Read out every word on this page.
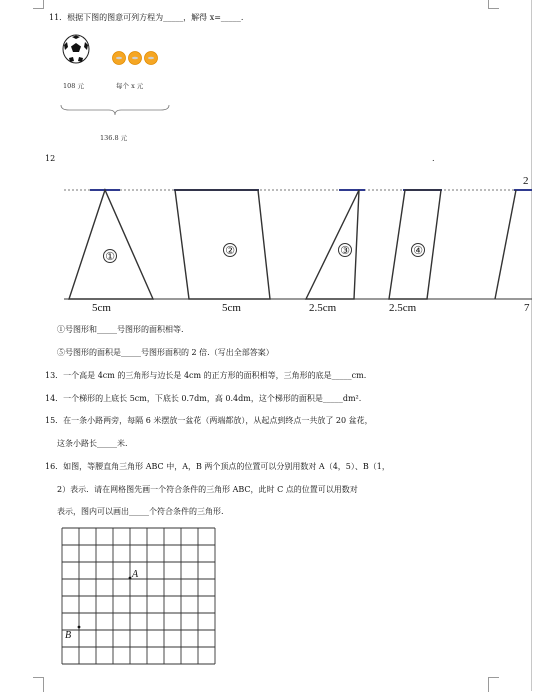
11．根据下图的图意可列方程为_____，解得 x=_____.
108 元	每个 x 元
136.8 元
12	.
①	②	③	④
2
5cm	5cm	2.5cm	2.5cm	7
①号图形和_____号图形的面积相等.
⑤号图形的面积是_____号图形面积的 2 倍.（写出全部答案）
13．一个高是 4cm 的三角形与边长是 4cm 的正方形的面积相等，三角形的底是_____cm.
14．一个梯形的上底长 5cm，下底长 0.7dm，高 0.4dm，这个梯形的面积是_____dm².
15．在一条小路两旁，每隔 6 米摆放一盆花（两端都放），从起点到终点一共放了 20 盆花，
这条小路长_____米.
16．如图，等腰直角三角形 ABC 中，A，B 两个顶点的位置可以分别用数对 A（4，5）、B（1，
2）表示．请在网格图先画一个符合条件的三角形 ABC，此时 C 点的位置可以用数对
表示，图内可以画出_____个符合条件的三角形.
A
B
